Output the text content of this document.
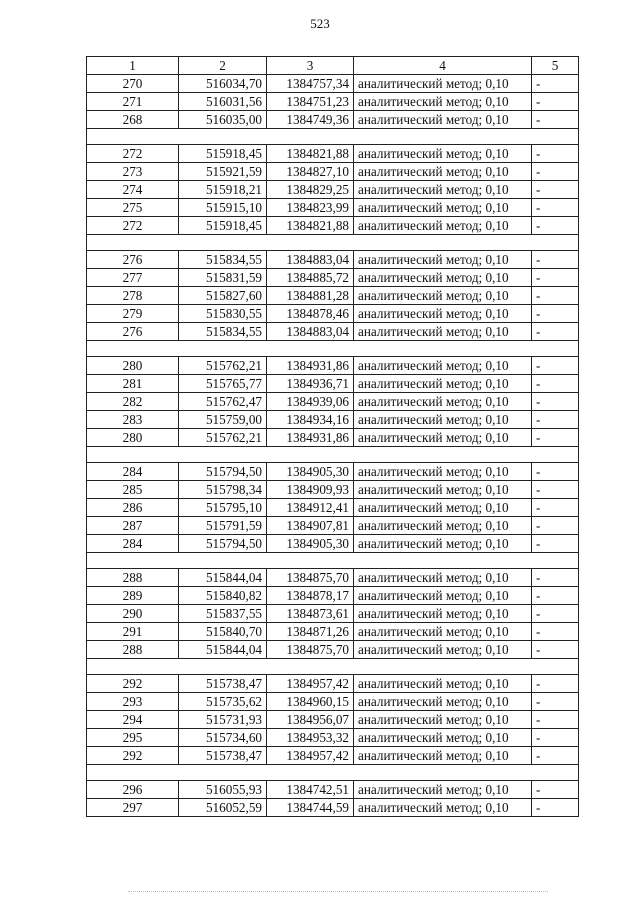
523
1	2	3	4	5
270	516034,70	1384757,34	аналитический метод; 0,10	-
271	516031,56	1384751,23	аналитический метод; 0,10	-
268	516035,00	1384749,36	аналитический метод; 0,10	-

272	515918,45	1384821,88	аналитический метод; 0,10	-
273	515921,59	1384827,10	аналитический метод; 0,10	-
274	515918,21	1384829,25	аналитический метод; 0,10	-
275	515915,10	1384823,99	аналитический метод; 0,10	-
272	515918,45	1384821,88	аналитический метод; 0,10	-

276	515834,55	1384883,04	аналитический метод; 0,10	-
277	515831,59	1384885,72	аналитический метод; 0,10	-
278	515827,60	1384881,28	аналитический метод; 0,10	-
279	515830,55	1384878,46	аналитический метод; 0,10	-
276	515834,55	1384883,04	аналитический метод; 0,10	-

280	515762,21	1384931,86	аналитический метод; 0,10	-
281	515765,77	1384936,71	аналитический метод; 0,10	-
282	515762,47	1384939,06	аналитический метод; 0,10	-
283	515759,00	1384934,16	аналитический метод; 0,10	-
280	515762,21	1384931,86	аналитический метод; 0,10	-

284	515794,50	1384905,30	аналитический метод; 0,10	-
285	515798,34	1384909,93	аналитический метод; 0,10	-
286	515795,10	1384912,41	аналитический метод; 0,10	-
287	515791,59	1384907,81	аналитический метод; 0,10	-
284	515794,50	1384905,30	аналитический метод; 0,10	-

288	515844,04	1384875,70	аналитический метод; 0,10	-
289	515840,82	1384878,17	аналитический метод; 0,10	-
290	515837,55	1384873,61	аналитический метод; 0,10	-
291	515840,70	1384871,26	аналитический метод; 0,10	-
288	515844,04	1384875,70	аналитический метод; 0,10	-

292	515738,47	1384957,42	аналитический метод; 0,10	-
293	515735,62	1384960,15	аналитический метод; 0,10	-
294	515731,93	1384956,07	аналитический метод; 0,10	-
295	515734,60	1384953,32	аналитический метод; 0,10	-
292	515738,47	1384957,42	аналитический метод; 0,10	-

296	516055,93	1384742,51	аналитический метод; 0,10	-
297	516052,59	1384744,59	аналитический метод; 0,10	-
